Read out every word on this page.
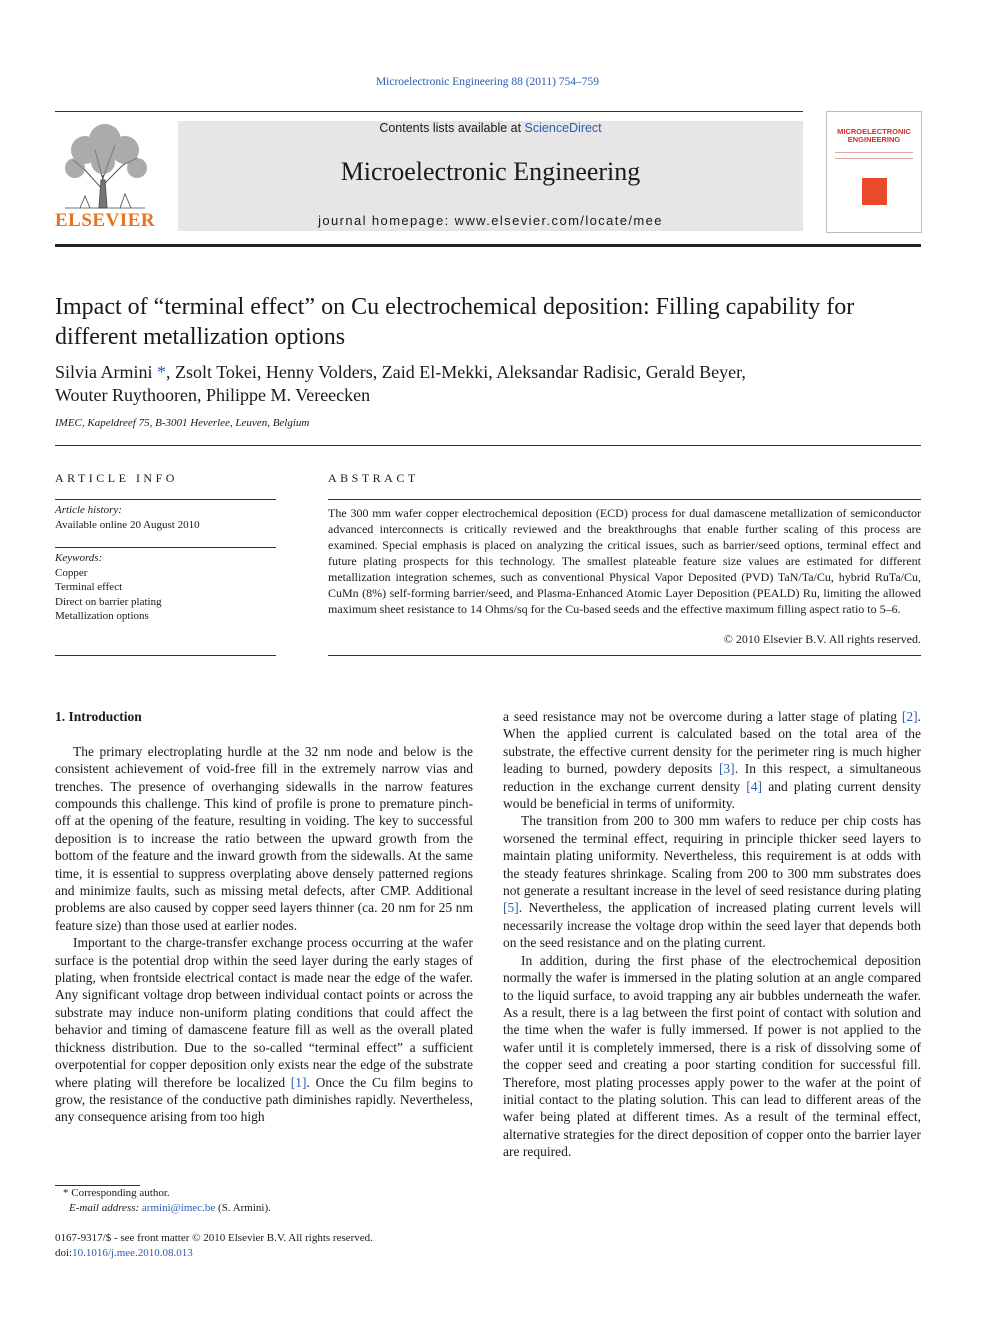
Microelectronic Engineering 88 (2011) 754–759
ELSEVIER
Contents lists available at ScienceDirect
Microelectronic Engineering
journal homepage: www.elsevier.com/locate/mee
MICROELECTRONIC
ENGINEERING
Impact of “terminal effect” on Cu electrochemical deposition: Filling capability for different metallization options
Silvia Armini *, Zsolt Tokei, Henny Volders, Zaid El-Mekki, Aleksandar Radisic, Gerald Beyer,
Wouter Ruythooren, Philippe M. Vereecken
IMEC, Kapeldreef 75, B-3001 Heverlee, Leuven, Belgium
ARTICLE INFO
Article history:
Available online 20 August 2010
Keywords:
Copper
Terminal effect
Direct on barrier plating
Metallization options
ABSTRACT
The 300 mm wafer copper electrochemical deposition (ECD) process for dual damascene metallization of semiconductor advanced interconnects is critically reviewed and the breakthroughs that enable further scaling of this process are examined. Special emphasis is placed on analyzing the critical issues, such as barrier/seed options, terminal effect and future plating prospects for this technology. The smallest plateable feature size values are estimated for different metallization integration schemes, such as conventional Physical Vapor Deposited (PVD) TaN/Ta/Cu, hybrid RuTa/Cu, CuMn (8%) self-forming barrier/seed, and Plasma-Enhanced Atomic Layer Deposition (PEALD) Ru, limiting the allowed maximum sheet resistance to 14 Ohms/sq for the Cu-based seeds and the effective maximum filling aspect ratio to 5–6.
© 2010 Elsevier B.V. All rights reserved.
1. Introduction

The primary electroplating hurdle at the 32 nm node and below is the consistent achievement of void-free fill in the extremely narrow vias and trenches. The presence of overhanging sidewalls in the narrow features compounds this challenge. This kind of profile is prone to premature pinch-off at the opening of the feature, resulting in voiding. The key to successful deposition is to increase the ratio between the upward growth from the bottom of the feature and the inward growth from the sidewalls. At the same time, it is essential to suppress overplating above densely patterned regions and minimize faults, such as missing metal defects, after CMP. Additional problems are also caused by copper seed layers thinner (ca. 20 nm for 25 nm feature size) than those used at earlier nodes.

Important to the charge-transfer exchange process occurring at the wafer surface is the potential drop within the seed layer during the early stages of plating, when frontside electrical contact is made near the edge of the wafer. Any significant voltage drop between individual contact points or across the substrate may induce non-uniform plating conditions that could affect the behavior and timing of damascene feature fill as well as the overall plated thickness distribution. Due to the so-called “terminal effect” a sufficient overpotential for copper deposition only exists near the edge of the substrate where plating will therefore be localized [1]. Once the Cu film begins to grow, the resistance of the conductive path diminishes rapidly. Nevertheless, any consequence arising from too high

a seed resistance may not be overcome during a latter stage of plating [2]. When the applied current is calculated based on the total area of the substrate, the effective current density for the perimeter ring is much higher leading to burned, powdery deposits [3]. In this respect, a simultaneous reduction in the exchange current density [4] and plating current density would be beneficial in terms of uniformity.

The transition from 200 to 300 mm wafers to reduce per chip costs has worsened the terminal effect, requiring in principle thicker seed layers to maintain plating uniformity. Nevertheless, this requirement is at odds with the steady features shrinkage. Scaling from 200 to 300 mm substrates does not generate a resultant increase in the level of seed resistance during plating [5]. Nevertheless, the application of increased plating current levels will necessarily increase the voltage drop within the seed layer that depends both on the seed resistance and on the plating current.

In addition, during the first phase of the electrochemical deposition normally the wafer is immersed in the plating solution at an angle compared to the liquid surface, to avoid trapping any air bubbles underneath the wafer. As a result, there is a lag between the first point of contact with solution and the time when the wafer is fully immersed. If power is not applied to the wafer until it is completely immersed, there is a risk of dissolving some of the copper seed and creating a poor starting condition for successful fill. Therefore, most plating processes apply power to the wafer at the point of initial contact to the plating solution. This can lead to different areas of the wafer being plated at different times. As a result of the terminal effect, alternative strategies for the direct deposition of copper onto the barrier layer are required.

* Corresponding author.
E-mail address: armini@imec.be (S. Armini).
0167-9317/$ - see front matter © 2010 Elsevier B.V. All rights reserved.
doi:10.1016/j.mee.2010.08.013
